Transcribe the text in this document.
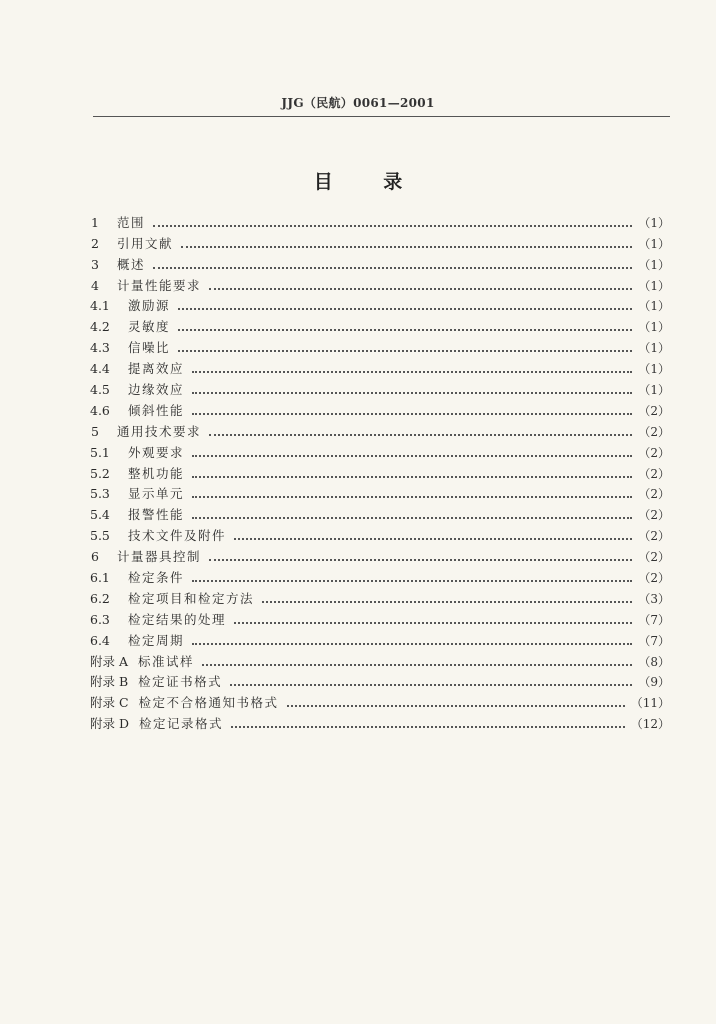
JJG（民航）0061—2001
目 录
1	范围	（1）
2	引用文献	（1）
3	概述	（1）
4	计量性能要求	（1）
4.1	激励源	（1）
4.2	灵敏度	（1）
4.3	信噪比	（1）
4.4	提离效应	（1）
4.5	边缘效应	（1）
4.6	倾斜性能	（2）
5	通用技术要求	（2）
5.1	外观要求	（2）
5.2	整机功能	（2）
5.3	显示单元	（2）
5.4	报警性能	（2）
5.5	技术文件及附件	（2）
6	计量器具控制	（2）
6.1	检定条件	（2）
6.2	检定项目和检定方法	（3）
6.3	检定结果的处理	（7）
6.4	检定周期	（7）
附录 A 标准试样	（8）
附录 B 检定证书格式	（9）
附录 C 检定不合格通知书格式	（11）
附录 D 检定记录格式	（12）
